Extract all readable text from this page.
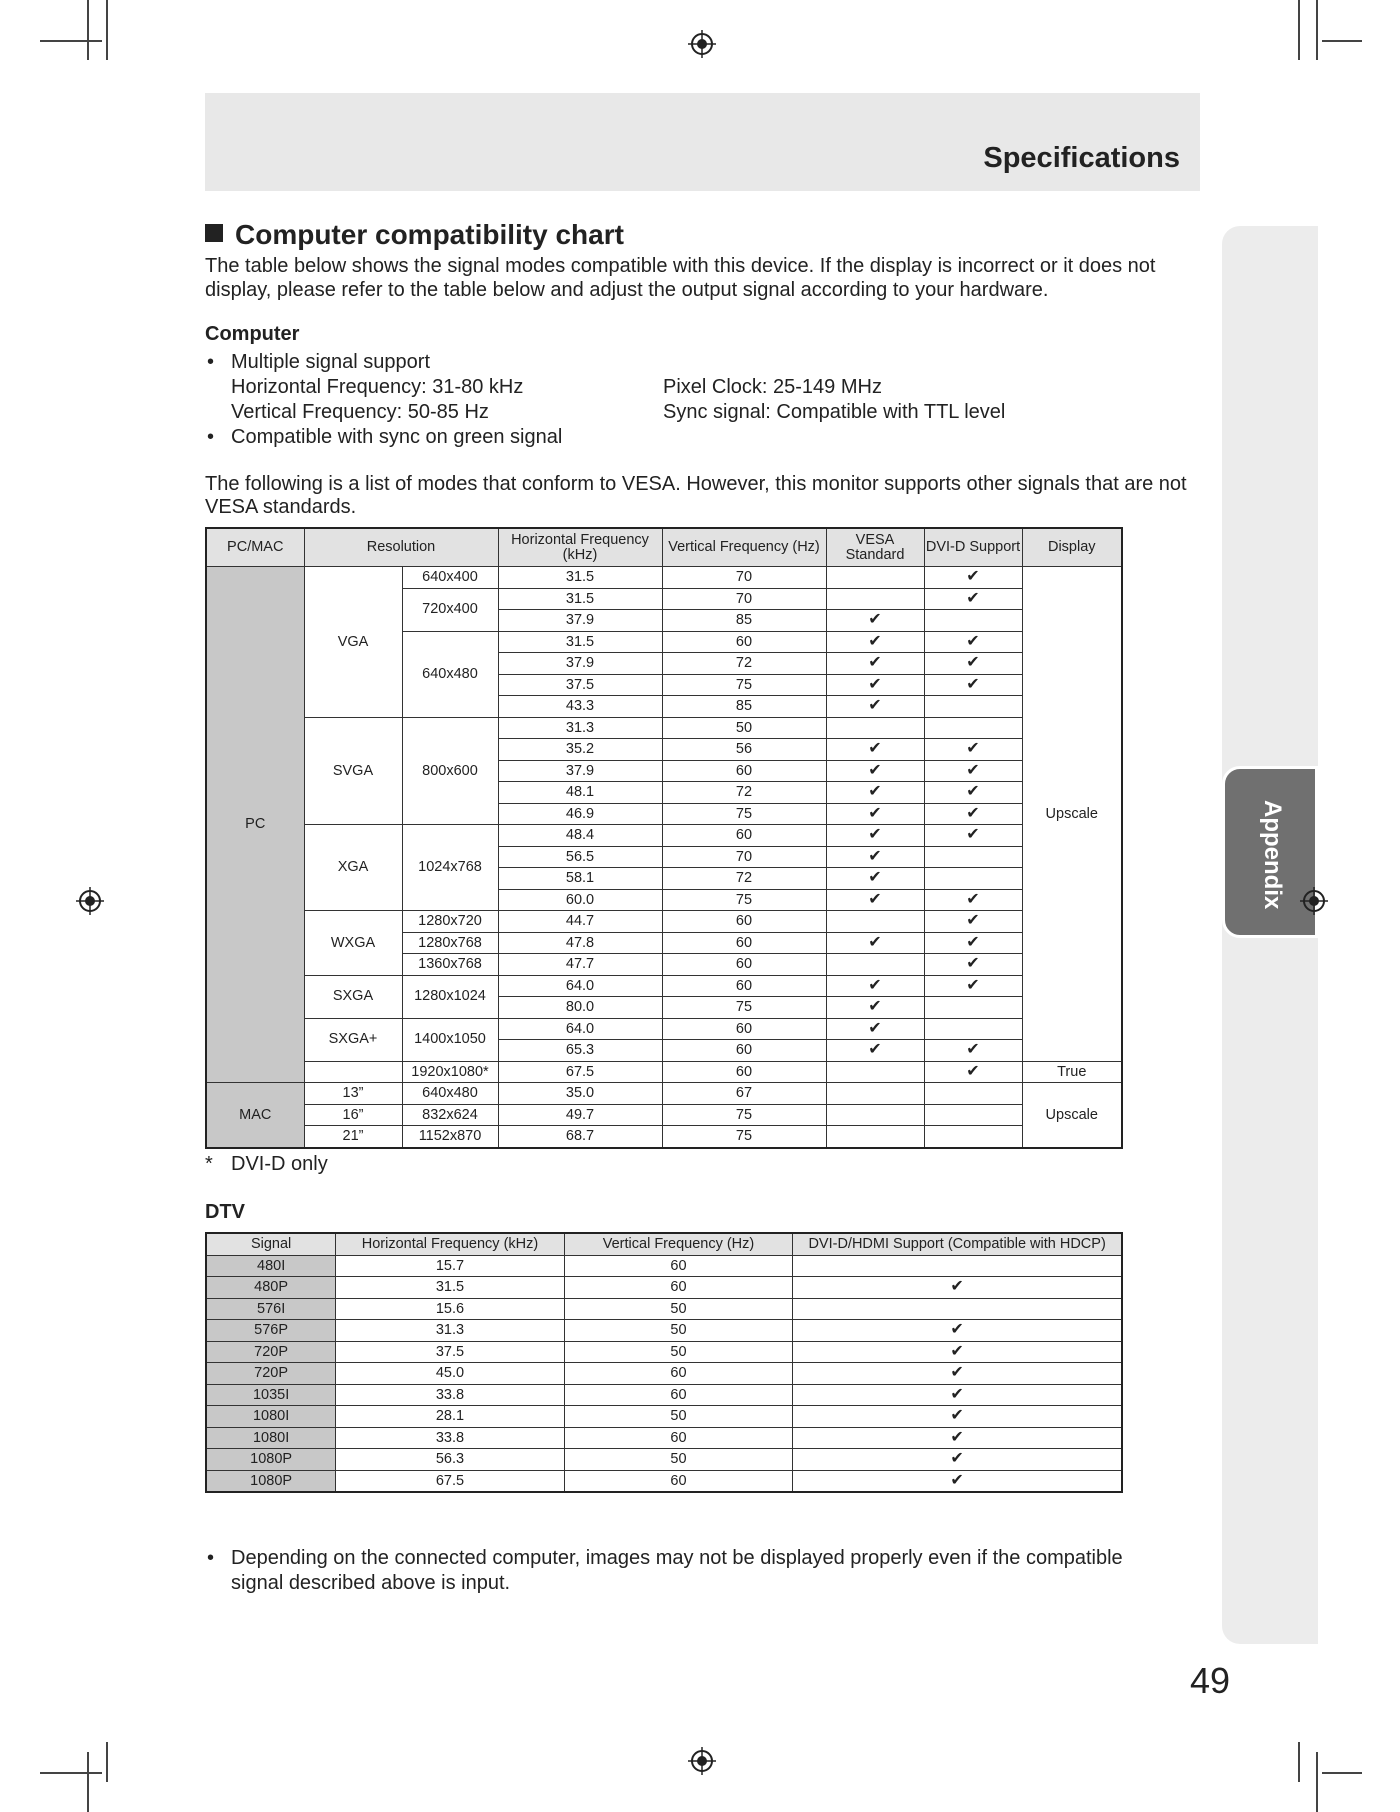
Specifications
Appendix
Computer compatibility chart
The table below shows the signal modes compatible with this device. If the display is incorrect or it does not display, please refer to the table below and adjust the output signal according to your hardware.
Computer
• Multiple signal support
Horizontal Frequency: 31-80 kHz	Pixel Clock: 25-149 MHz
Vertical Frequency: 50-85 Hz	Sync signal: Compatible with TTL level
• Compatible with sync on green signal
The following is a list of modes that conform to VESA. However, this monitor supports other signals that are not VESA standards.
PC/MAC	Resolution		Horizontal Frequency (kHz)	Vertical Frequency (Hz)	VESA Standard	DVI-D Support	Display
PC	VGA	640x400	31.5	70		✔	Upscale
		720x400	31.5	70		✔	
			37.9	85	✔		
		640x480	31.5	60	✔	✔	
			37.9	72	✔	✔	
			37.5	75	✔	✔	
			43.3	85	✔		
	SVGA	800x600	31.3	50			
			35.2	56	✔	✔	
			37.9	60	✔	✔	
			48.1	72	✔	✔	
			46.9	75	✔	✔	
	XGA	1024x768	48.4	60	✔	✔	
			56.5	70	✔		
			58.1	72	✔		
			60.0	75	✔	✔	
	WXGA	1280x720	44.7	60		✔	
		1280x768	47.8	60	✔	✔	
		1360x768	47.7	60		✔	
	SXGA	1280x1024	64.0	60	✔	✔	
			80.0	75	✔		
	SXGA+	1400x1050	64.0	60	✔		
			65.3	60	✔	✔	
		1920x1080*	67.5	60		✔	True
MAC	13”	640x480	35.0	67			Upscale
	16”	832x624	49.7	75			
	21”	1152x870	68.7	75			
* DVI-D only
DTV
Signal	Horizontal Frequency (kHz)	Vertical Frequency (Hz)	DVI-D/HDMI Support (Compatible with HDCP)
480I	15.7	60	
480P	31.5	60	✔
576I	15.6	50	
576P	31.3	50	✔
720P	37.5	50	✔
720P	45.0	60	✔
1035I	33.8	60	✔
1080I	28.1	50	✔
1080I	33.8	60	✔
1080P	56.3	50	✔
1080P	67.5	60	✔
• Depending on the connected computer, images may not be displayed properly even if the compatible signal described above is input.
49
